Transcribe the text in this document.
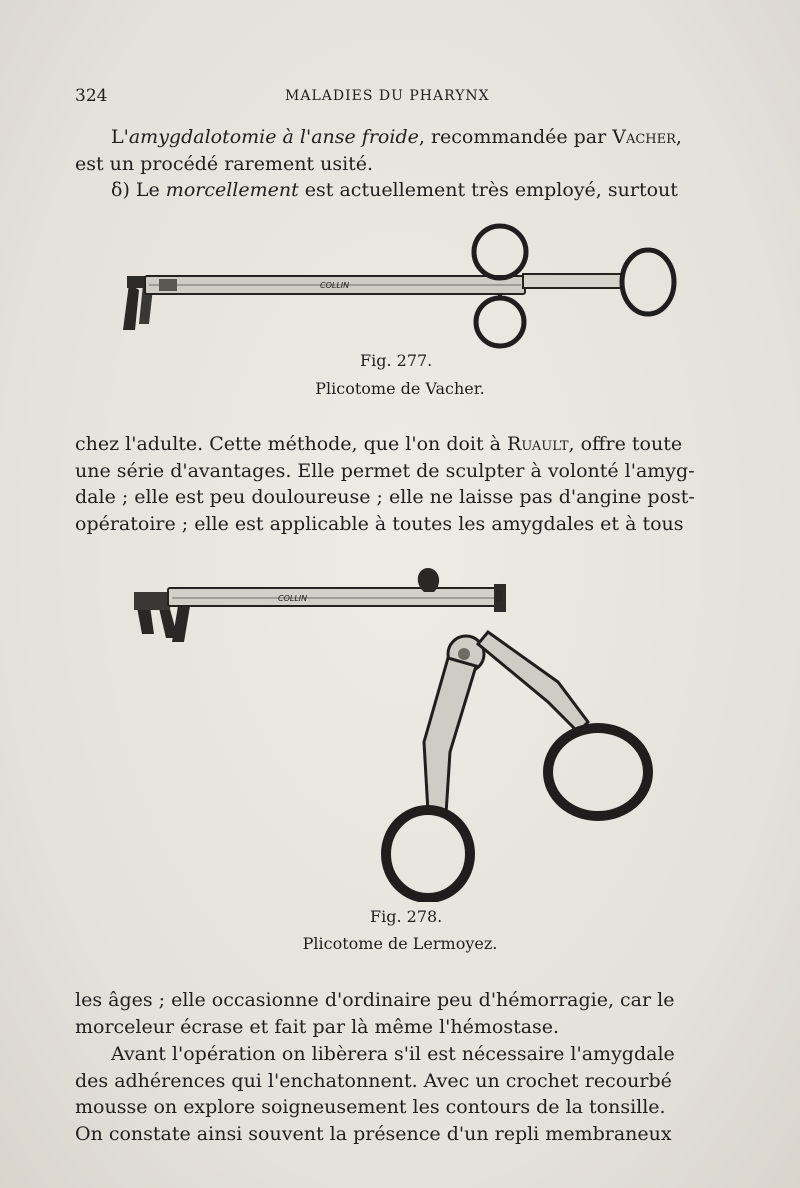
324	MALADIES DU PHARYNX
L'amygdalotomie à l'anse froide, recommandée par Vacher,
est un procédé rarement usité.
δ) Le morcellement est actuellement très employé, surtout
COLLIN
Fig. 277.
Plicotome de Vacher.
chez l'adulte. Cette méthode, que l'on doit à Ruault, offre toute
une série d'avantages. Elle permet de sculpter à volonté l'amyg-
dale ; elle est peu douloureuse ; elle ne laisse pas d'angine post-
opératoire ; elle est applicable à toutes les amygdales et à tous
COLLIN
Fig. 278.
Plicotome de Lermoyez.
les âges ; elle occasionne d'ordinaire peu d'hémorragie, car le
morceleur écrase et fait par là même l'hémostase.
Avant l'opération on libèrera s'il est nécessaire l'amygdale
des adhérences qui l'enchatonnent. Avec un crochet recourbé
mousse on explore soigneusement les contours de la tonsille.
On constate ainsi souvent la présence d'un repli membraneux
